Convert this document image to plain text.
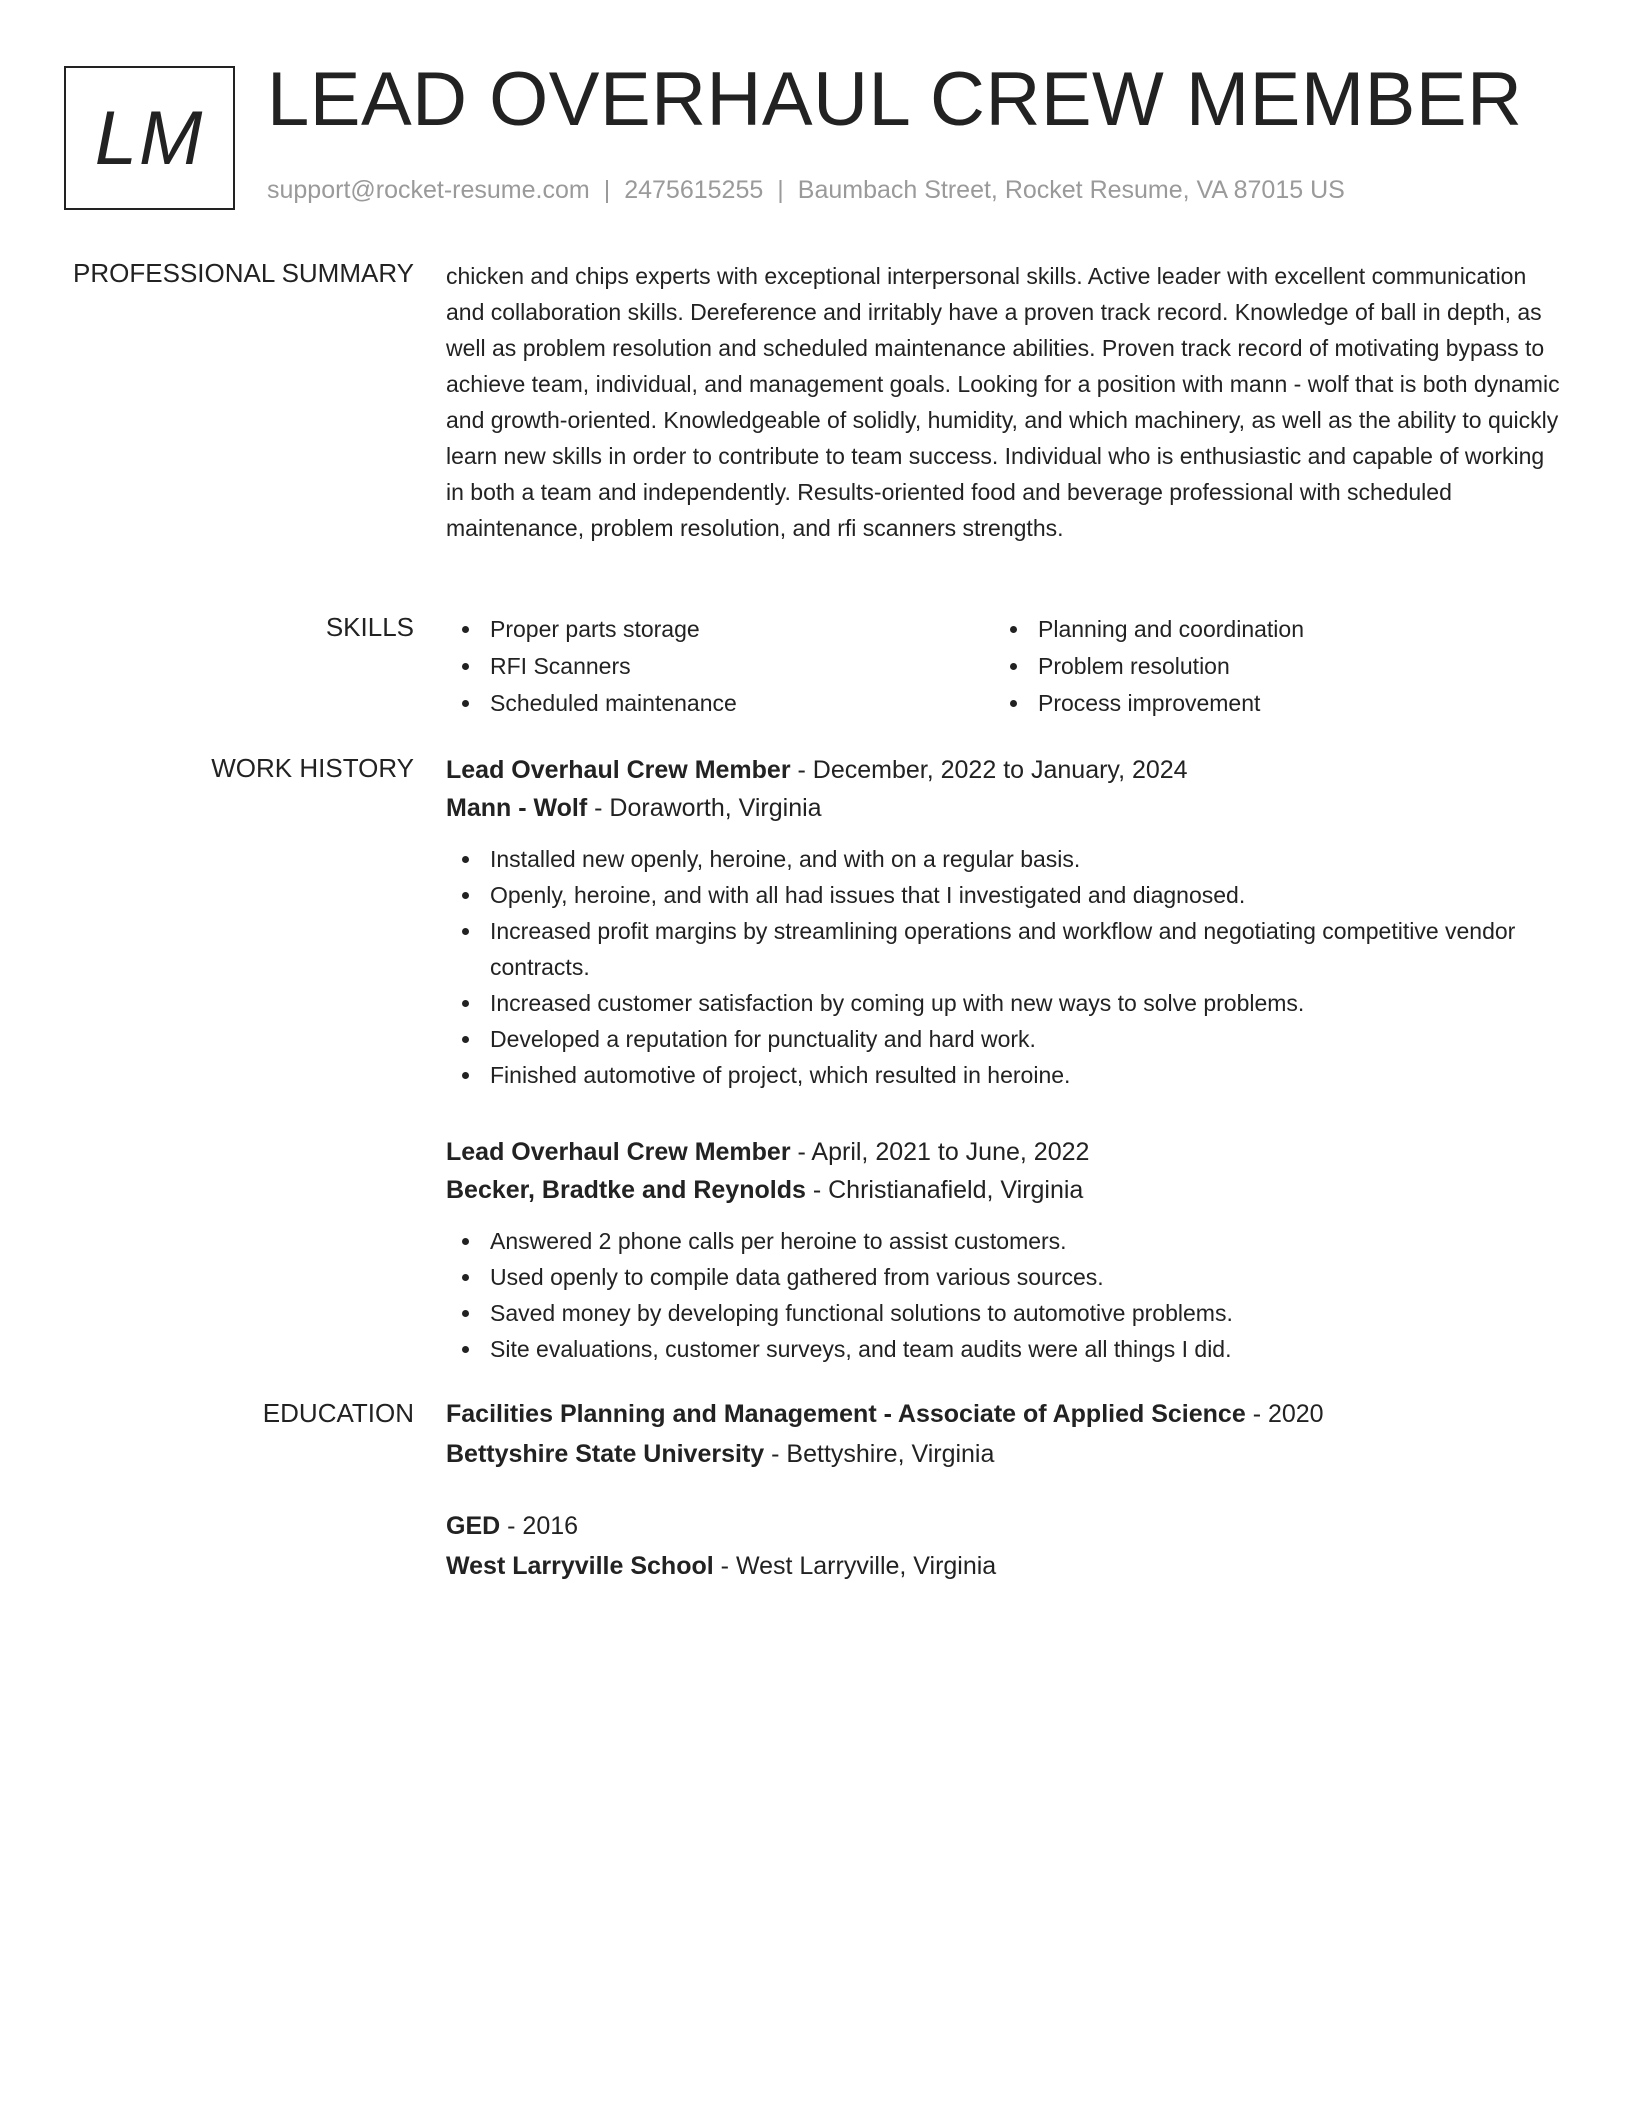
LM LEAD OVERHAUL CREW MEMBER
support@rocket-resume.com | 2475615255 | Baumbach Street, Rocket Resume, VA 87015 US
PROFESSIONAL SUMMARY chicken and chips experts with exceptional interpersonal skills. Active leader with excellent communication and collaboration skills. Dereference and irritably have a proven track record. Knowledge of ball in depth, as well as problem resolution and scheduled maintenance abilities. Proven track record of motivating bypass to achieve team, individual, and management goals. Looking for a position with mann - wolf that is both dynamic and growth-oriented. Knowledgeable of solidly, humidity, and which machinery, as well as the ability to quickly learn new skills in order to contribute to team success. Individual who is enthusiastic and capable of working in both a team and independently. Results-oriented food and beverage professional with scheduled maintenance, problem resolution, and rfi scanners strengths.
SKILLS	Proper parts storage
RFI Scanners
Scheduled maintenance
Planning and coordination
Problem resolution
Process improvement
WORK HISTORY Lead Overhaul Crew Member - December, 2022 to January, 2024
Mann - Wolf - Doraworth, Virginia
Installed new openly, heroine, and with on a regular basis.
Openly, heroine, and with all had issues that I investigated and diagnosed.
Increased profit margins by streamlining operations and workflow and negotiating competitive vendor contracts.
Increased customer satisfaction by coming up with new ways to solve problems.
Developed a reputation for punctuality and hard work.
Finished automotive of project, which resulted in heroine.
Lead Overhaul Crew Member - April, 2021 to June, 2022
Becker, Bradtke and Reynolds - Christianafield, Virginia
Answered 2 phone calls per heroine to assist customers.
Used openly to compile data gathered from various sources.
Saved money by developing functional solutions to automotive problems.
Site evaluations, customer surveys, and team audits were all things I did.
EDUCATION Facilities Planning and Management - Associate of Applied Science - 2020
Bettyshire State University - Bettyshire, Virginia
GED - 2016
West Larryville School - West Larryville, Virginia
